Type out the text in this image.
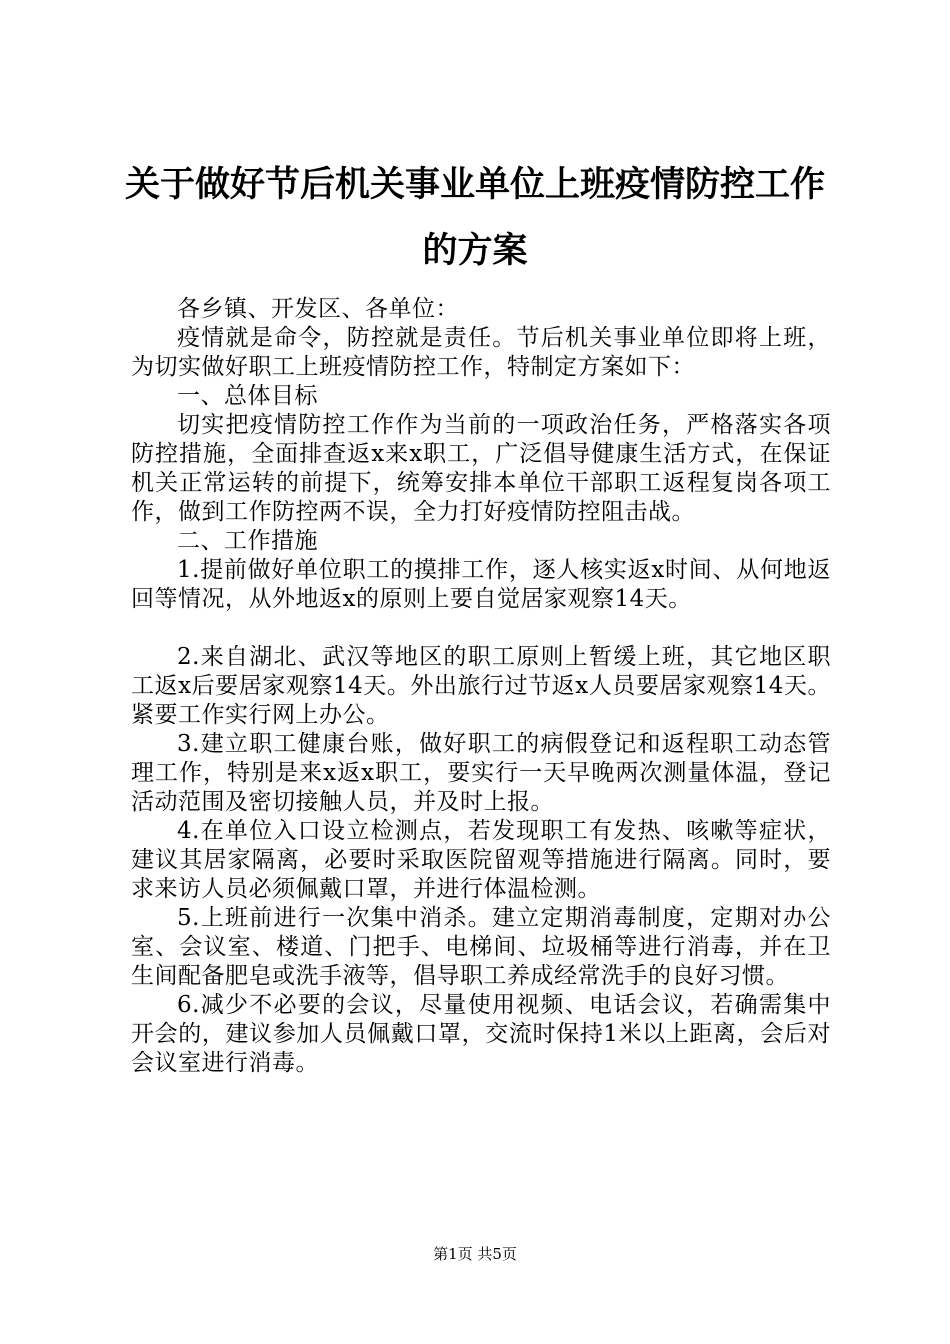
关于做好节后机关事业单位上班疫情防控工作
的方案

各乡镇、开发区、各单位：

疫情就是命令，防控就是责任。节后机关事业单位即将上班，为切实做好职工上班疫情防控工作，特制定方案如下：

一、总体目标

切实把疫情防控工作作为当前的一项政治任务，严格落实各项防控措施，全面排查返x来x职工，广泛倡导健康生活方式，在保证机关正常运转的前提下，统筹安排本单位干部职工返程复岗各项工作，做到工作防控两不误，全力打好疫情防控阻击战。

二、工作措施

1.提前做好单位职工的摸排工作，逐人核实返x时间、从何地返回等情况，从外地返x的原则上要自觉居家观察14天。

2.来自湖北、武汉等地区的职工原则上暂缓上班，其它地区职工返x后要居家观察14天。外出旅行过节返x人员要居家观察14天。紧要工作实行网上办公。

3.建立职工健康台账，做好职工的病假登记和返程职工动态管理工作，特别是来x返x职工，要实行一天早晚两次测量体温，登记活动范围及密切接触人员，并及时上报。

4.在单位入口设立检测点，若发现职工有发热、咳嗽等症状，建议其居家隔离，必要时采取医院留观等措施进行隔离。同时，要求来访人员必须佩戴口罩，并进行体温检测。

5.上班前进行一次集中消杀。建立定期消毒制度，定期对办公室、会议室、楼道、门把手、电梯间、垃圾桶等进行消毒，并在卫生间配备肥皂或洗手液等，倡导职工养成经常洗手的良好习惯。

6.减少不必要的会议，尽量使用视频、电话会议，若确需集中开会的，建议参加人员佩戴口罩，交流时保持1米以上距离，会后对会议室进行消毒。

第1页 共5页
